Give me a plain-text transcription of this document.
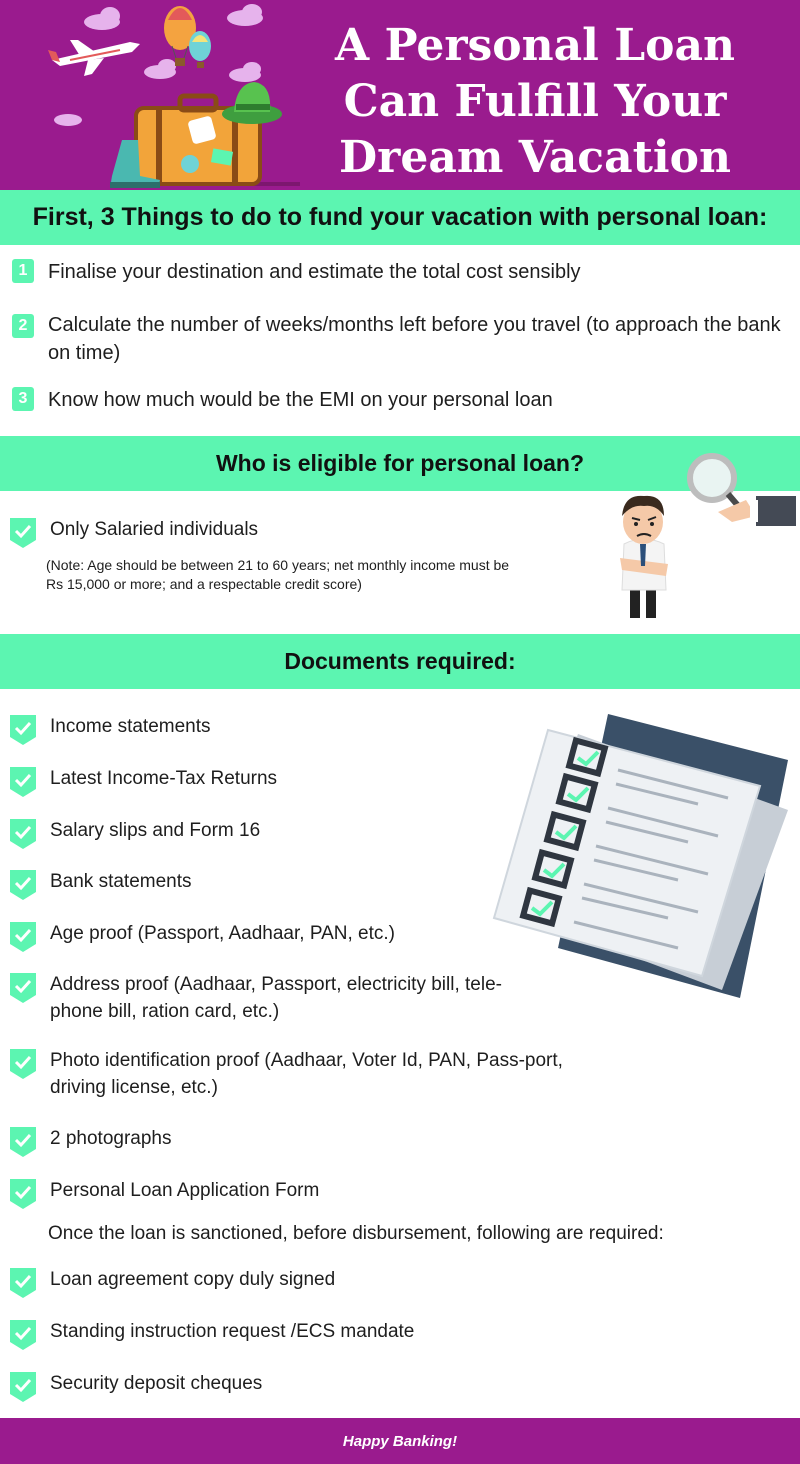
A Personal Loan
Can Fulfill Your
Dream Vacation
First, 3 Things to do to fund your vacation with personal loan:
1	Finalise your destination and estimate the total cost sensibly
2	Calculate the number of weeks/months left before you travel (to approach the bank on time)
3	Know how much would be the EMI on your personal loan
Who is eligible for personal loan?
Only Salaried individuals
(Note: Age should be between 21 to 60 years; net monthly income must be Rs 15,000 or more; and a respectable credit score)
Documents required:
Income statements
Latest Income-Tax Returns
Salary slips and Form 16
Bank statements
Age proof (Passport, Aadhaar, PAN, etc.)
Address proof (Aadhaar, Passport, electricity bill, tele-phone bill, ration card, etc.)
Photo identification proof (Aadhaar, Voter Id, PAN, Pass-port, driving license, etc.)
2 photographs
Personal Loan Application Form
Once the loan is sanctioned, before disbursement, following are required:
Loan agreement copy duly signed
Standing instruction request /ECS mandate
Security deposit cheques
Happy Banking!
